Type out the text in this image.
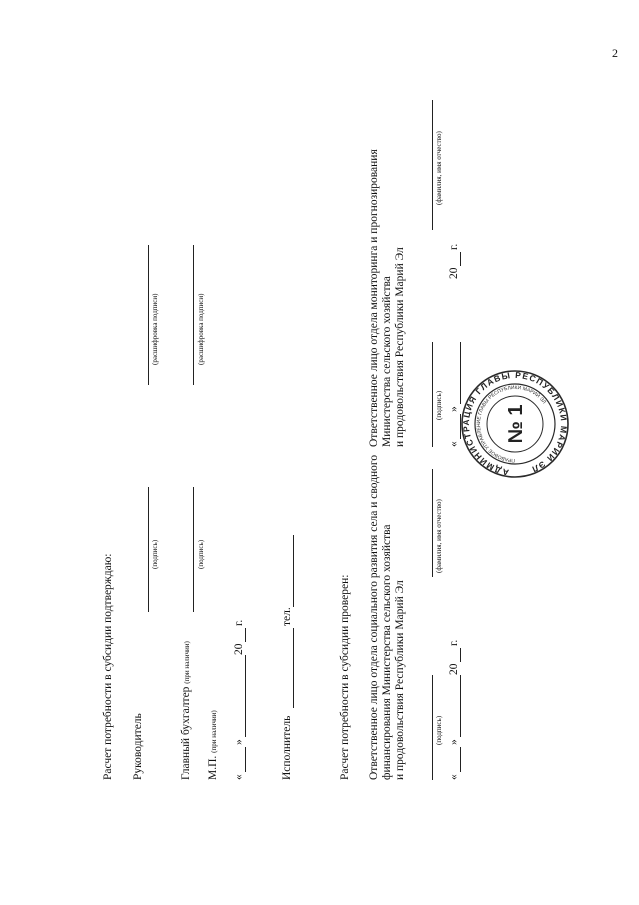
2
Расчет потребности в субсидии подтверждаю: Руководитель
(подпись)
(расшифровка подписи)
Главный бухгалтер (при наличии)
(подпись)
(расшифровка подписи)
М.П. (при наличии)
«
»
20
г.
Исполнитель
тел.	Расчет потребности в субсидии проверен: Ответственное лицо отдела социального развития села и сводного финансирования Министерства сельского хозяйства и продовольствия Республики Марий Эл	(подпись)
(фамилия, имя отчество)
«
»
20
г.
Ответственное лицо отдела мониторинга и прогнозирования Министерства сельского хозяйства и продовольствия Республики Марий Эл	(подпись)
(фамилия, имя отчество)
«
»
20
г.
АДМИНИСТРАЦИЯ ГЛАВЫ РЕСПУБЛИКИ МАРИЙ ЭЛ
ПРАВОВОЕ УПРАВЛЕНИЕ ГЛАВЫ РЕСПУБЛИКИ МАРИЙ ЭЛ
№ 1
